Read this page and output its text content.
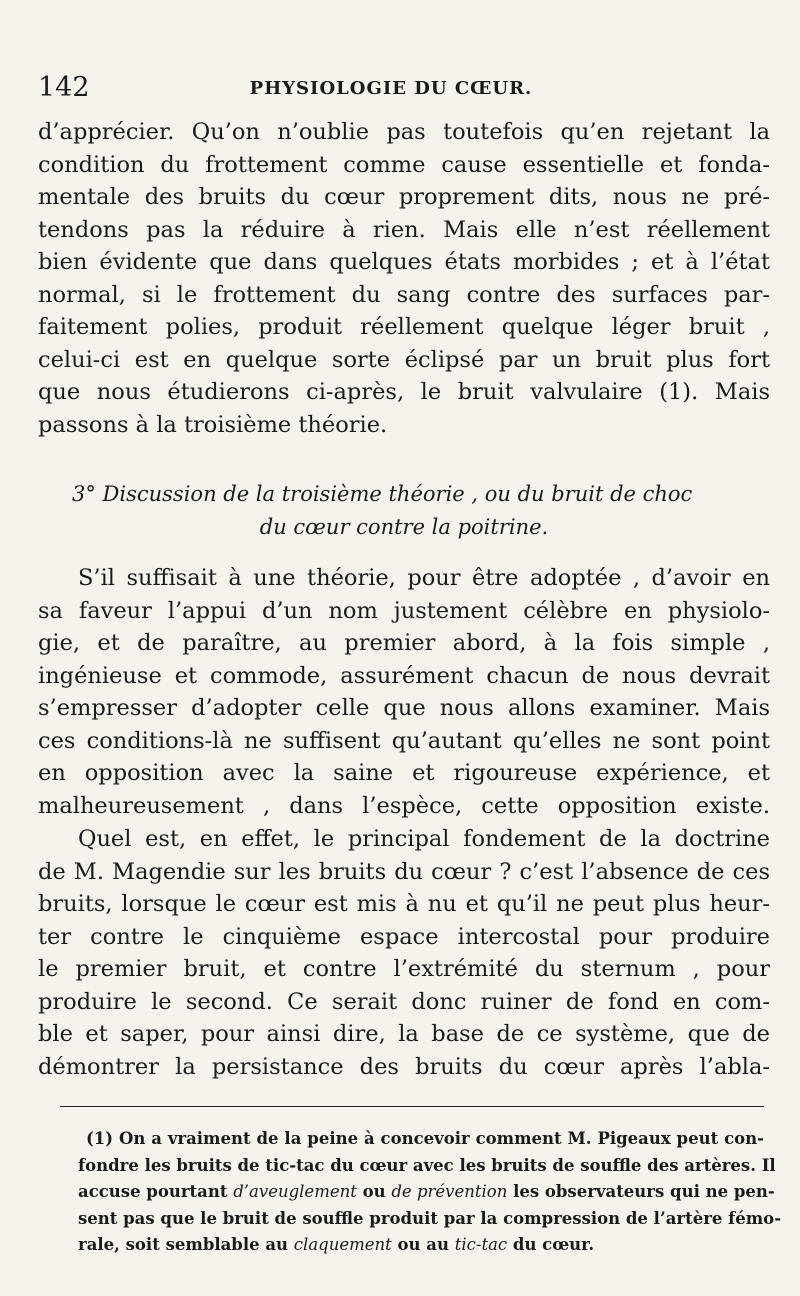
142	PHYSIOLOGIE DU CŒUR.
d’apprécier. Qu’on n’oublie pas toutefois qu’en rejetant la
condition du frottement comme cause essentielle et fonda-
mentale des bruits du cœur proprement dits, nous ne pré-
tendons pas la réduire à rien. Mais elle n’est réellement
bien évidente que dans quelques états morbides ; et à l’état
normal, si le frottement du sang contre des surfaces par-
faitement polies, produit réellement quelque léger bruit ,
celui-ci est en quelque sorte éclipsé par un bruit plus fort
que nous étudierons ci-après, le bruit valvulaire (1). Mais
passons à la troisième théorie.
3° Discussion de la troisième théorie , ou du bruit de choc
du cœur contre la poitrine.
S’il suffisait à une théorie, pour être adoptée , d’avoir en
sa faveur l’appui d’un nom justement célèbre en physiolo-
gie, et de paraître, au premier abord, à la fois simple ,
ingénieuse et commode, assurément chacun de nous devrait
s’empresser d’adopter celle que nous allons examiner. Mais
ces conditions-là ne suffisent qu’autant qu’elles ne sont point
en opposition avec la saine et rigoureuse expérience, et
malheureusement , dans l’espèce, cette opposition existe.
Quel est, en effet, le principal fondement de la doctrine
de M. Magendie sur les bruits du cœur ? c’est l’absence de ces
bruits, lorsque le cœur est mis à nu et qu’il ne peut plus heur-
ter contre le cinquième espace intercostal pour produire
le premier bruit, et contre l’extrémité du sternum , pour
produire le second. Ce serait donc ruiner de fond en com-
ble et saper, pour ainsi dire, la base de ce système, que de
démontrer la persistance des bruits du cœur après l’abla-
(1) On a vraiment de la peine à concevoir comment M. Pigeaux peut con-
fondre les bruits de tic-tac du cœur avec les bruits de souffle des artères. Il
accuse pourtant d’aveuglement ou de prévention les observateurs qui ne pen-
sent pas que le bruit de souffle produit par la compression de l’artère fémo-
rale, soit semblable au claquement ou au tic-tac du cœur.
